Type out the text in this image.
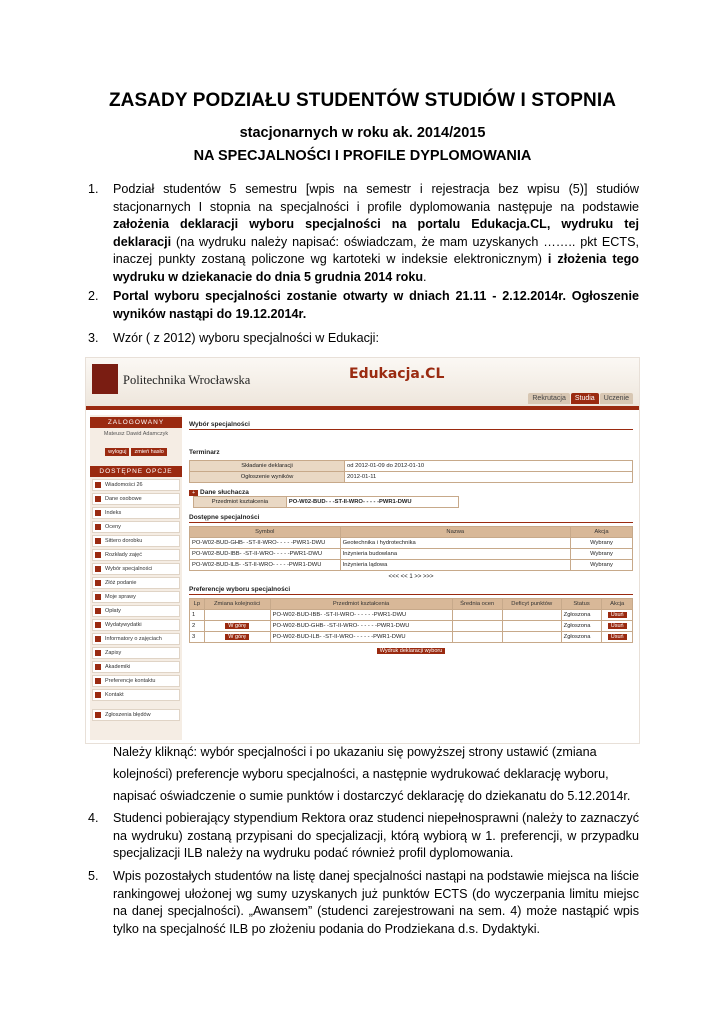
ZASADY PODZIAŁU STUDENTÓW STUDIÓW I STOPNIA
stacjonarnych w roku ak. 2014/2015
NA SPECJALNOŚCI I PROFILE DYPLOMOWANIA
1.	Podział studentów 5 semestru [wpis na semestr i rejestracja bez wpisu (5)] studiów stacjonarnych I stopnia na specjalności i profile dyplomowania następuje na podstawie założenia deklaracji wyboru specjalności na portalu Edukacja.CL, wydruku tej deklaracji (na wydruku należy napisać: oświadczam, że mam uzyskanych …….. pkt ECTS, inaczej punkty zostaną policzone wg kartoteki w indeksie elektronicznym) i złożenia tego wydruku w dziekanacie do dnia 5 grudnia 2014 roku.
2.	Portal wyboru specjalności zostanie otwarty w dniach 21.11 - 2.12.2014r. Ogłoszenie wyników nastąpi do 19.12.2014r.
3.	Wzór ( z 2012) wyboru specjalności w Edukacji:
Politechnika Wrocławska	Edukacja.CL
Rekrutacja Studia Uczenie
ZALOGOWANY
Mateusz Dawid Adamczyk
wyloguj zmień hasło
DOSTĘPNE OPCJE
Wiadomości 26
Dane osobowe
Indeks
Oceny
Sittero dorobku
Rozkłady zajęć
Wybór specjalności
Złóż podanie
Moje sprawy
Opłaty
Wydatywydatki
Informatory o zajęciach
Zapisy
Akademiki
Preferencje kontaktu
Kontakt
Zgłoszenia błędów
Wybór specjalności
Terminarz
Składanie deklaracji	od 2012-01-09 do 2012-01-10
Ogłoszenie wyników	2012-01-11
+ Dane słuchacza
Przedmiot kształcenia	PO-W02-BUD- - -ST-II-WRO- - - - -PWR1-DWU
Dostępne specjalności
Symbol	Nazwa	Akcja
PO-W02-BUD-GHB- -ST-II-WRO- - - - -PWR1-DWU	Geotechnika i hydrotechnika	Wybrany
PO-W02-BUD-IBB- -ST-II-WRO- - - - -PWR1-DWU	Inżynieria budowlana	Wybrany
PO-W02-BUD-ILB- -ST-II-WRO- - - - -PWR1-DWU	Inżynieria lądowa	Wybrany
<<< << 1 >> >>>
Preferencje wyboru specjalności
Lp	Zmiana kolejności	Przedmiot kształcenia	Średnia ocen	Deficyt punktów	Status	Akcja
1		PO-W02-BUD-IBB- -ST-II-WRO- - - - - -PWR1-DWU			Zgłoszona	Usuń
2	W górę	PO-W02-BUD-GHB- -ST-II-WRO- - - - - -PWR1-DWU			Zgłoszona	Usuń
3	W górę	PO-W02-BUD-ILB- -ST-II-WRO- - - - - -PWR1-DWU			Zgłoszona	Usuń
Wydruk deklaracji wyboru
Należy kliknąć: wybór specjalności i po ukazaniu się powyższej strony ustawić (zmiana kolejności) preferencje wyboru specjalności, a następnie wydrukować deklarację wyboru, napisać oświadczenie o sumie punktów i dostarczyć deklarację do dziekanatu do 5.12.2014r.
4.	Studenci pobierający stypendium Rektora oraz studenci niepełnosprawni (należy to zaznaczyć na wydruku) zostaną przypisani do specjalizacji, którą wybiorą w 1. preferencji, w przypadku specjalizacji ILB należy na wydruku podać również profil dyplomowania.
5.	Wpis pozostałych studentów na listę danej specjalności nastąpi na podstawie miejsca na liście rankingowej ułożonej wg sumy uzyskanych już punktów ECTS (do wyczerpania limitu miejsc na danej specjalności). „Awansem” (studenci zarejestrowani na sem. 4) może nastąpić wpis tylko na specjalność ILB po złożeniu podania do Prodziekana d.s. Dydaktyki.
